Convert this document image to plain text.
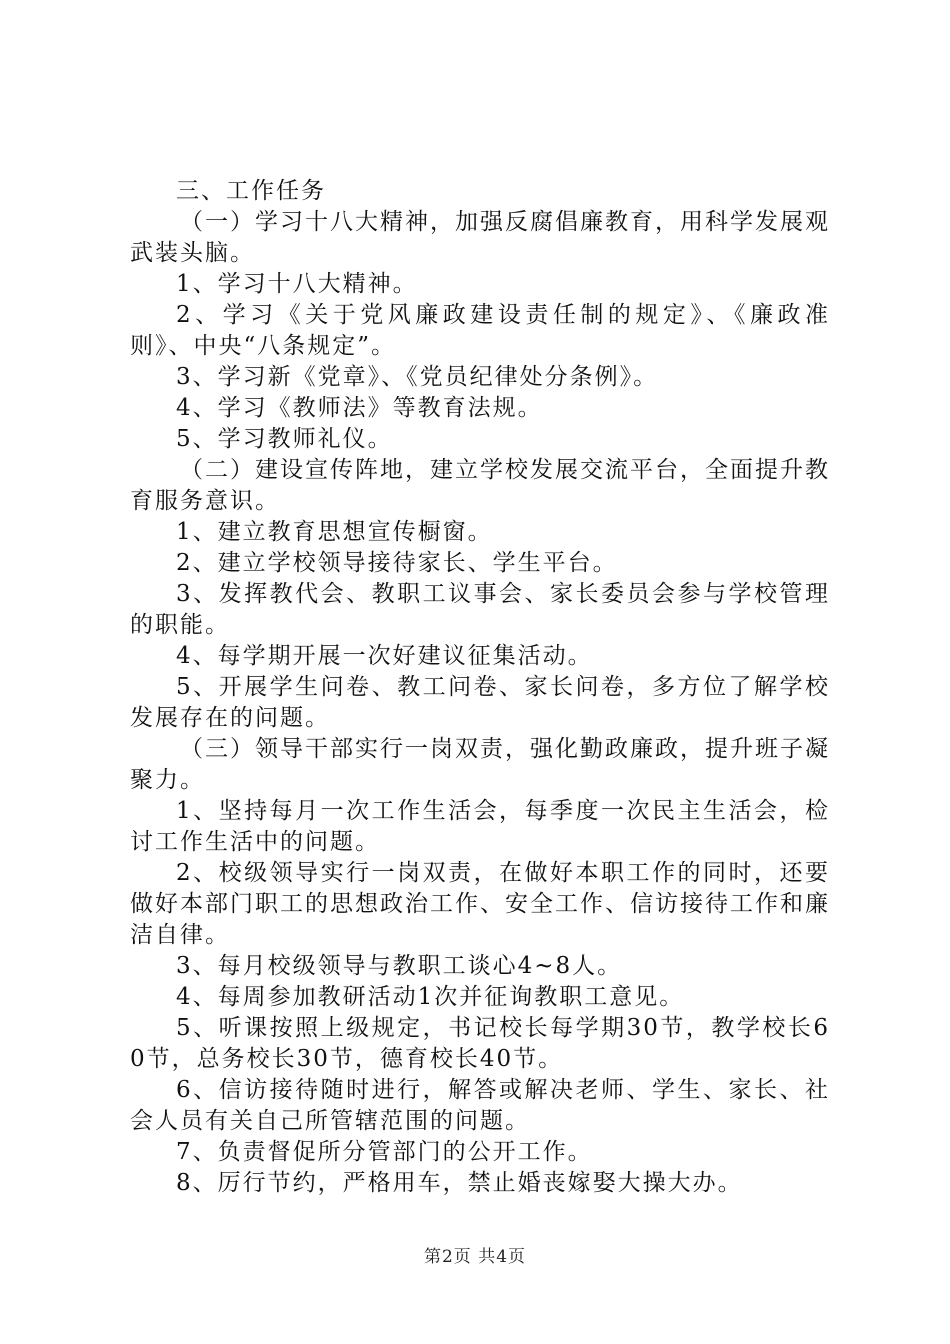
三、工作任务

（一）学习十八大精神，加强反腐倡廉教育，用科学发展观武装头脑。

1、学习十八大精神。

2、学习《关于党风廉政建设责任制的规定》、《廉政准则》、中央“八条规定”。

3、学习新《党章》、《党员纪律处分条例》。

4、学习《教师法》等教育法规。

5、学习教师礼仪。

（二）建设宣传阵地，建立学校发展交流平台，全面提升教育服务意识。

1、建立教育思想宣传橱窗。

2、建立学校领导接待家长、学生平台。

3、发挥教代会、教职工议事会、家长委员会参与学校管理的职能。

4、每学期开展一次好建议征集活动。

5、开展学生问卷、教工问卷、家长问卷，多方位了解学校发展存在的问题。

（三）领导干部实行一岗双责，强化勤政廉政，提升班子凝聚力。

1、坚持每月一次工作生活会，每季度一次民主生活会，检讨工作生活中的问题。

2、校级领导实行一岗双责，在做好本职工作的同时，还要做好本部门职工的思想政治工作、安全工作、信访接待工作和廉洁自律。

3、每月校级领导与教职工谈心4~8人。

4、每周参加教研活动1次并征询教职工意见。

5、听课按照上级规定，书记校长每学期30节，教学校长60节，总务校长30节，德育校长40节。

6、信访接待随时进行，解答或解决老师、学生、家长、社会人员有关自己所管辖范围的问题。

7、负责督促所分管部门的公开工作。

8、厉行节约，严格用车，禁止婚丧嫁娶大操大办。

第2页 共4页
